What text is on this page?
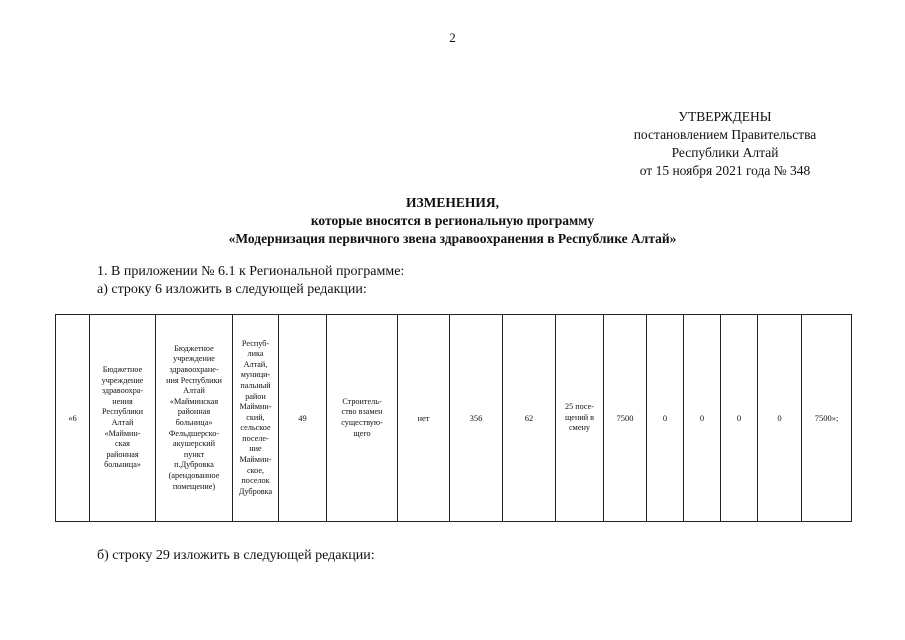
2
УТВЕРЖДЕНЫ
постановлением Правительства
Республики Алтай
от 15 ноября 2021 года № 348
ИЗМЕНЕНИЯ,
которые вносятся в региональную программу
«Модернизация первичного звена здравоохранения в Республике Алтай»
1. В приложении № 6.1 к Региональной программе:
а) строку 6 изложить в следующей редакции:
«6	Бюджетное
учреждение
здравоохра-
нения
Республики
Алтай
«Маймин-
ская
районная
больница»	Бюджетное
учреждение
здравоохране-
ния Республики
Алтай
«Майминская
районная
больница»
Фельдшерско-
акушерский
пункт
п.Дубровка
(арендованное
помещение)	Респуб-
лика
Алтай,
муници-
пальный
район
Маймин-
ский,
сельское
поселе-
ние
Маймин-
ское,
поселок
Дубровка	49	Строитель-
ство взамен
существую-
щего	нет	356	62	25 посе-
щений в
смену	7500	0	0	0	0	7500»;
б) строку 29 изложить в следующей редакции:
